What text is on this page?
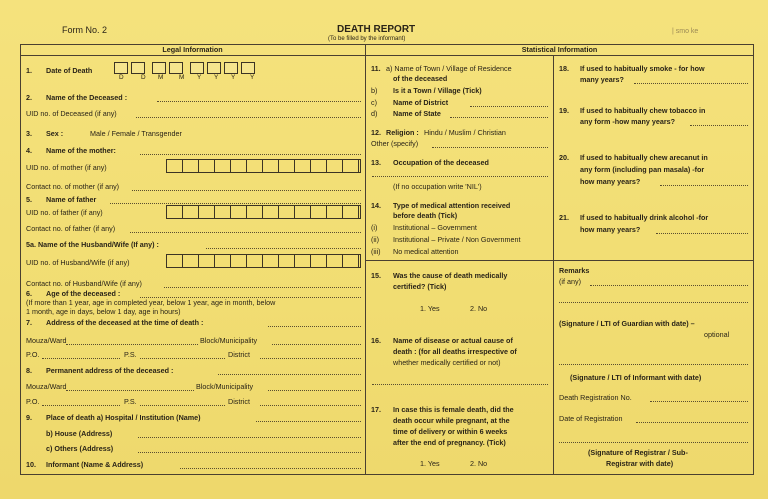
Form No. 2	DEATH REPORT
(To be filled by the informant)
| smo ke
Legal Information	Statistical Information
1. Date of Death
D	D M M Y Y Y Y
2. Name of the Deceased :
UID no. of Deceased (if any)
3. Sex :	Male / Female / Transgender
4. Name of the mother:
UID no. of mother (if any)
Contact no. of mother (if any)
5. Name of father
UID no. of father (if any)
Contact no. of father (if any)
5a. Name of the Husband/Wife (If any) :
UID no. of Husband/Wife (if any)
Contact no. of Husband/Wife (if any)
6. Age of the deceased :
(If more than 1 year, age in completed year, below 1 year, age in month, below
1 month, age in days, below 1 day, age in hours)
7. Address of the deceased at the time of death :
Mouza/Ward	Block/Municipality
P.O.	P.S.	District
8. Permanent address of the deceased :
Mouza/Ward	Block/Municipality
P.O.	P.S.	District
9. Place of death a) Hospital / Institution (Name)
b) House (Address)
c) Others (Address)
10. Informant (Name & Address)
11. a) Name of Town / Village of Residence
of the deceased
b) Is it a Town / Village (Tick)
c) Name of District
d) Name of State
12. Religion : Hindu / Muslim / Christian
Other (specify)
13. Occupation of the deceased
(If no occupation write 'NIL')
14. Type of medical attention received
before death (Tick)
(i) Institutional – Government
(ii) Institutional – Private / Non Government
(iii) No medical attention
15. Was the cause of death medically
certified? (Tick)
1. Yes	2. No
16. Name of disease or actual cause of
death : (for all deaths irrespective of
whether medically certified or not)
17. In case this is female death, did the
death occur while pregnant, at the
time of delivery or within 6 weeks
after the end of pregnancy. (Tick)
1. Yes	2. No
18. If used to habitually smoke - for how
many years?
19. If used to habitually chew tobacco in
any form -how many years?
20. If used to habitually chew arecanut in
any form (including pan masala) -for
how many years?
21. If used to habitually drink alcohol -for
how many years?
Remarks
(if any)
(Signature / LTI of Guardian with date) –
optional
(Signature / LTI of Informant with date)
Death Registration No.
Date of Registration
(Signature of Registrar / Sub-
Registrar with date)
